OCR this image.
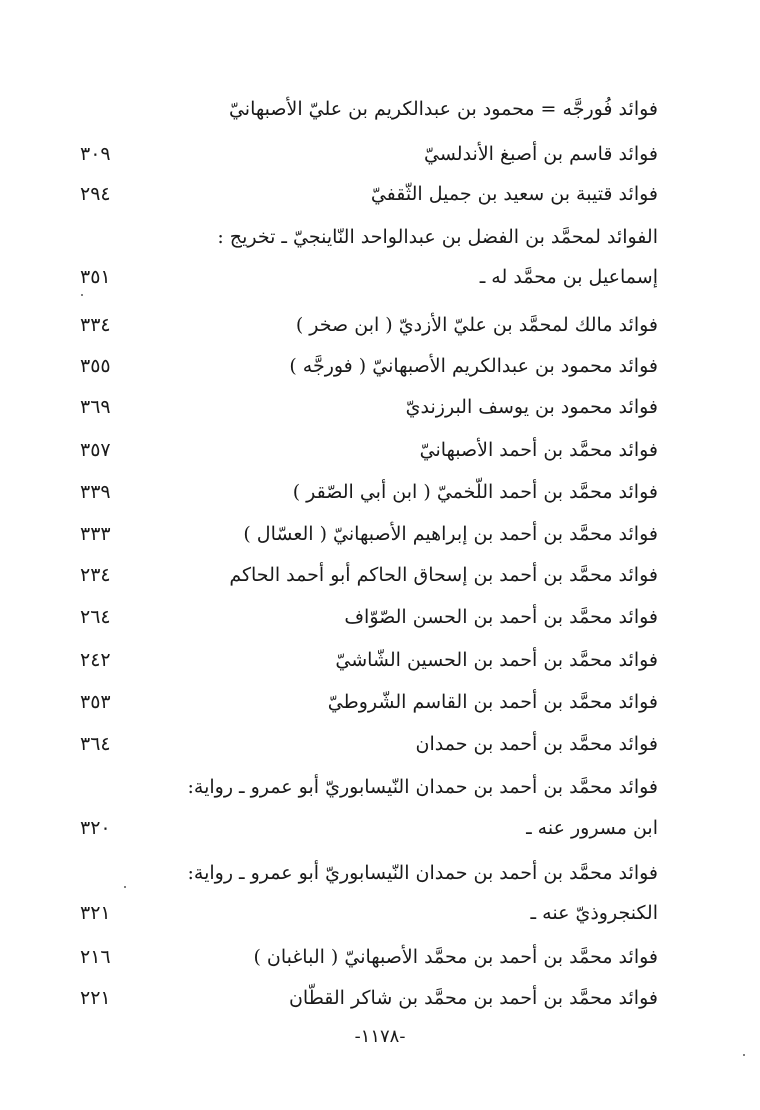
فوائد فُورجَّه = محمود بن عبدالكريم بن عليّ الأصبهانيّ
فوائد قاسم بن أصبغ الأندلسيّ
٣٠٩
فوائد قتيبة بن سعيد بن جميل الثّقفيّ
٢٩٤
الفوائد لمحمَّد بن الفضل بن عبدالواحد النّاينجيّ ـ تخريج :
إسماعيل بن محمَّد له ـ
٣٥١
فوائد مالك لمحمَّد بن عليّ الأزديّ ( ابن صخر )
٣٣٤
فوائد محمود بن عبدالكريم الأصبهانيّ ( فورجَّه )
٣٥٥
فوائد محمود بن يوسف البرزنديّ
٣٦٩
فوائد محمَّد بن أحمد الأصبهانيّ
٣٥٧
فوائد محمَّد بن أحمد اللّخميّ ( ابن أبي الصّقر )
٣٣٩
فوائد محمَّد بن أحمد بن إبراهيم الأصبهانيّ ( العسّال )
٣٣٣
فوائد محمَّد بن أحمد بن إسحاق الحاكم أبو أحمد الحاكم
٢٣٤
فوائد محمَّد بن أحمد بن الحسن الصّوّاف
٢٦٤
فوائد محمَّد بن أحمد بن الحسين الشّاشيّ
٢٤٢
فوائد محمَّد بن أحمد بن القاسم الشّروطيّ
٣٥٣
فوائد محمَّد بن أحمد بن حمدان
٣٦٤
فوائد محمَّد بن أحمد بن حمدان النّيسابوريّ أبو عمرو ـ رواية:
ابن مسرور عنه ـ
٣٢٠
فوائد محمَّد بن أحمد بن حمدان النّيسابوريّ أبو عمرو ـ رواية:
الكنجروذيّ عنه ـ
٣٢١
فوائد محمَّد بن أحمد بن محمَّد الأصبهانيّ ( الباغبان )
٢١٦
فوائد محمَّد بن أحمد بن محمَّد بن شاكر القطّان
٢٢١
-١١٧٨-
